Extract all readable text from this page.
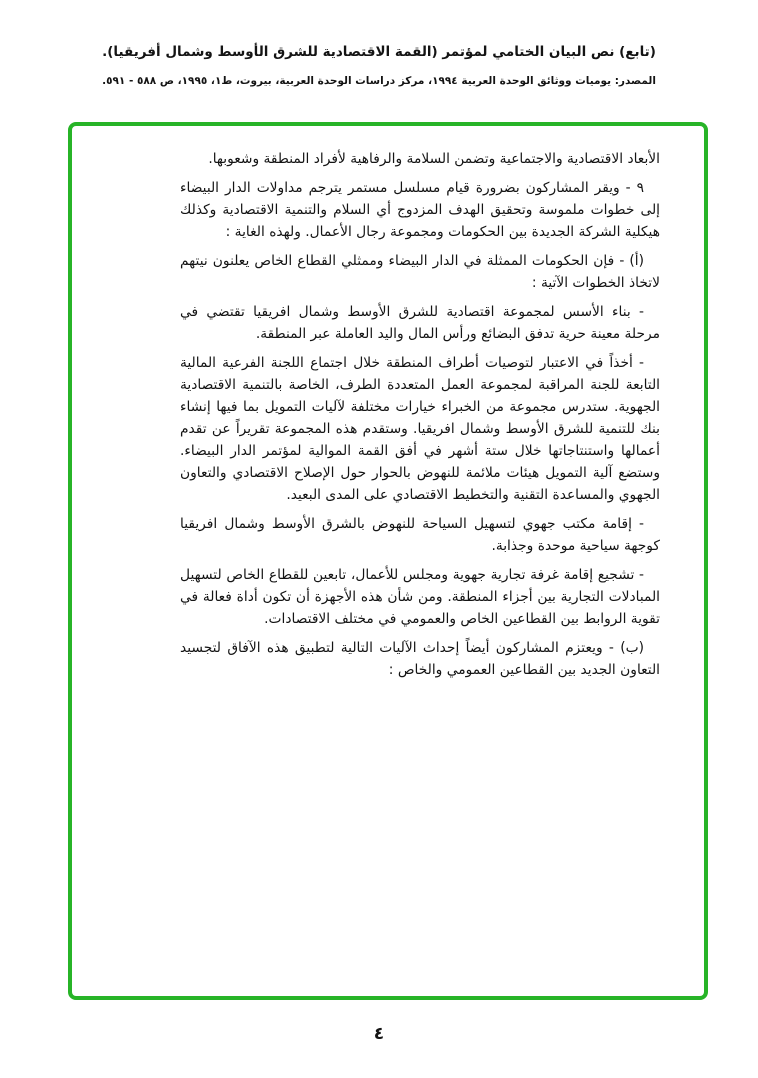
(تابع) نص البيان الختامي لمؤتمر (القمة الاقتصادية للشرق الأوسط وشمال أفريقيا).
المصدر: يوميات ووثائق الوحدة العربية ١٩٩٤، مركز دراسات الوحدة العربية، بيروت، ط١، ١٩٩٥، ص ٥٨٨ - ٥٩١.

الأبعاد الاقتصادية والاجتماعية وتضمن السلامة والرفاهية لأفراد المنطقة وشعوبها.

٩ - ويقر المشاركون بضرورة قيام مسلسل مستمر يترجم مداولات الدار البيضاء إلى خطوات ملموسة وتحقيق الهدف المزدوج أي السلام والتنمية الاقتصادية وكذلك هيكلية الشركة الجديدة بين الحكومات ومجموعة رجال الأعمال. ولهذه الغاية :

(أ) - فإن الحكومات الممثلة في الدار البيضاء وممثلي القطاع الخاص يعلنون نيتهم لاتخاذ الخطوات الآتية :

- بناء الأسس لمجموعة اقتصادية للشرق الأوسط وشمال افريقيا تقتضي في مرحلة معينة حرية تدفق البضائع ورأس المال واليد العاملة عبر المنطقة.

- أخذاً في الاعتبار لتوصيات أطراف المنطقة خلال اجتماع اللجنة الفرعية المالية التابعة للجنة المراقبة لمجموعة العمل المتعددة الطرف، الخاصة بالتنمية الاقتصادية الجهوية. ستدرس مجموعة من الخبراء خيارات مختلفة لآليات التمويل بما فيها إنشاء بنك للتنمية للشرق الأوسط وشمال افريقيا. وستقدم هذه المجموعة تقريراً عن تقدم أعمالها واستنتاجاتها خلال ستة أشهر في أفق القمة الموالية لمؤتمر الدار البيضاء. وستضع آلية التمويل هيئات ملائمة للنهوض بالحوار حول الإصلاح الاقتصادي والتعاون الجهوي والمساعدة التقنية والتخطيط الاقتصادي على المدى البعيد.

- إقامة مكتب جهوي لتسهيل السياحة للنهوض بالشرق الأوسط وشمال افريقيا كوجهة سياحية موحدة وجذابة.

- تشجيع إقامة غرفة تجارية جهوية ومجلس للأعمال، تابعين للقطاع الخاص لتسهيل المبادلات التجارية بين أجزاء المنطقة. ومن شأن هذه الأجهزة أن تكون أداة فعالة في تقوية الروابط بين القطاعين الخاص والعمومي في مختلف الاقتصادات.

(ب) - ويعتزم المشاركون أيضاً إحداث الآليات التالية لتطبيق هذه الآفاق لتجسيد التعاون الجديد بين القطاعين العمومي والخاص :

٤
